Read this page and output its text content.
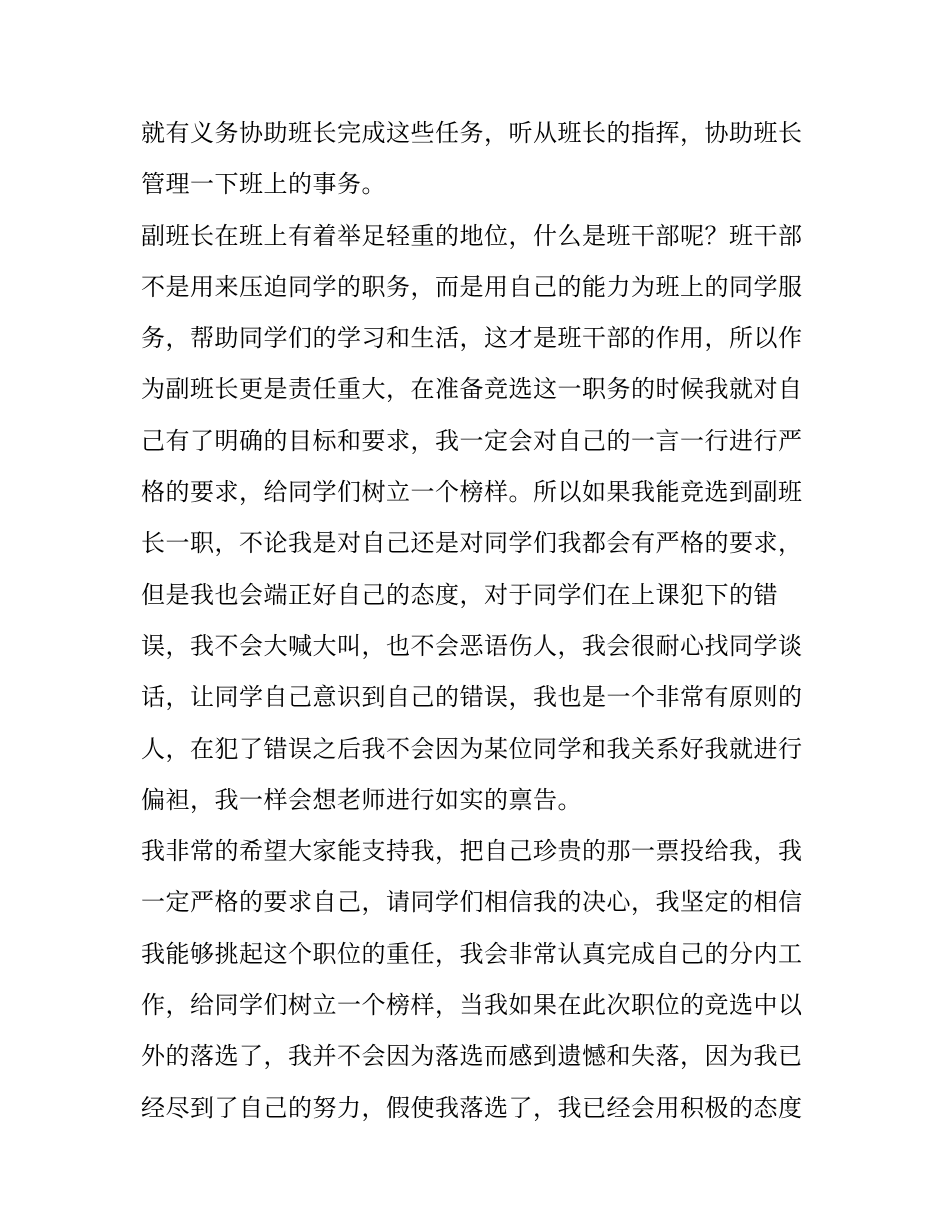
就有义务协助班长完成这些任务，听从班长的指挥，协助班长
管理一下班上的事务。
副班长在班上有着举足轻重的地位，什么是班干部呢？班干部
不是用来压迫同学的职务，而是用自己的能力为班上的同学服
务，帮助同学们的学习和生活，这才是班干部的作用，所以作
为副班长更是责任重大，在准备竞选这一职务的时候我就对自
己有了明确的目标和要求，我一定会对自己的一言一行进行严
格的要求，给同学们树立一个榜样。所以如果我能竞选到副班
长一职，不论我是对自己还是对同学们我都会有严格的要求，
但是我也会端正好自己的态度，对于同学们在上课犯下的错
误，我不会大喊大叫，也不会恶语伤人，我会很耐心找同学谈
话，让同学自己意识到自己的错误，我也是一个非常有原则的
人，在犯了错误之后我不会因为某位同学和我关系好我就进行
偏袒，我一样会想老师进行如实的禀告。
我非常的希望大家能支持我，把自己珍贵的那一票投给我，我
一定严格的要求自己，请同学们相信我的决心，我坚定的相信
我能够挑起这个职位的重任，我会非常认真完成自己的分内工
作，给同学们树立一个榜样，当我如果在此次职位的竞选中以
外的落选了，我并不会因为落选而感到遗憾和失落，因为我已
经尽到了自己的努力，假使我落选了，我已经会用积极的态度
